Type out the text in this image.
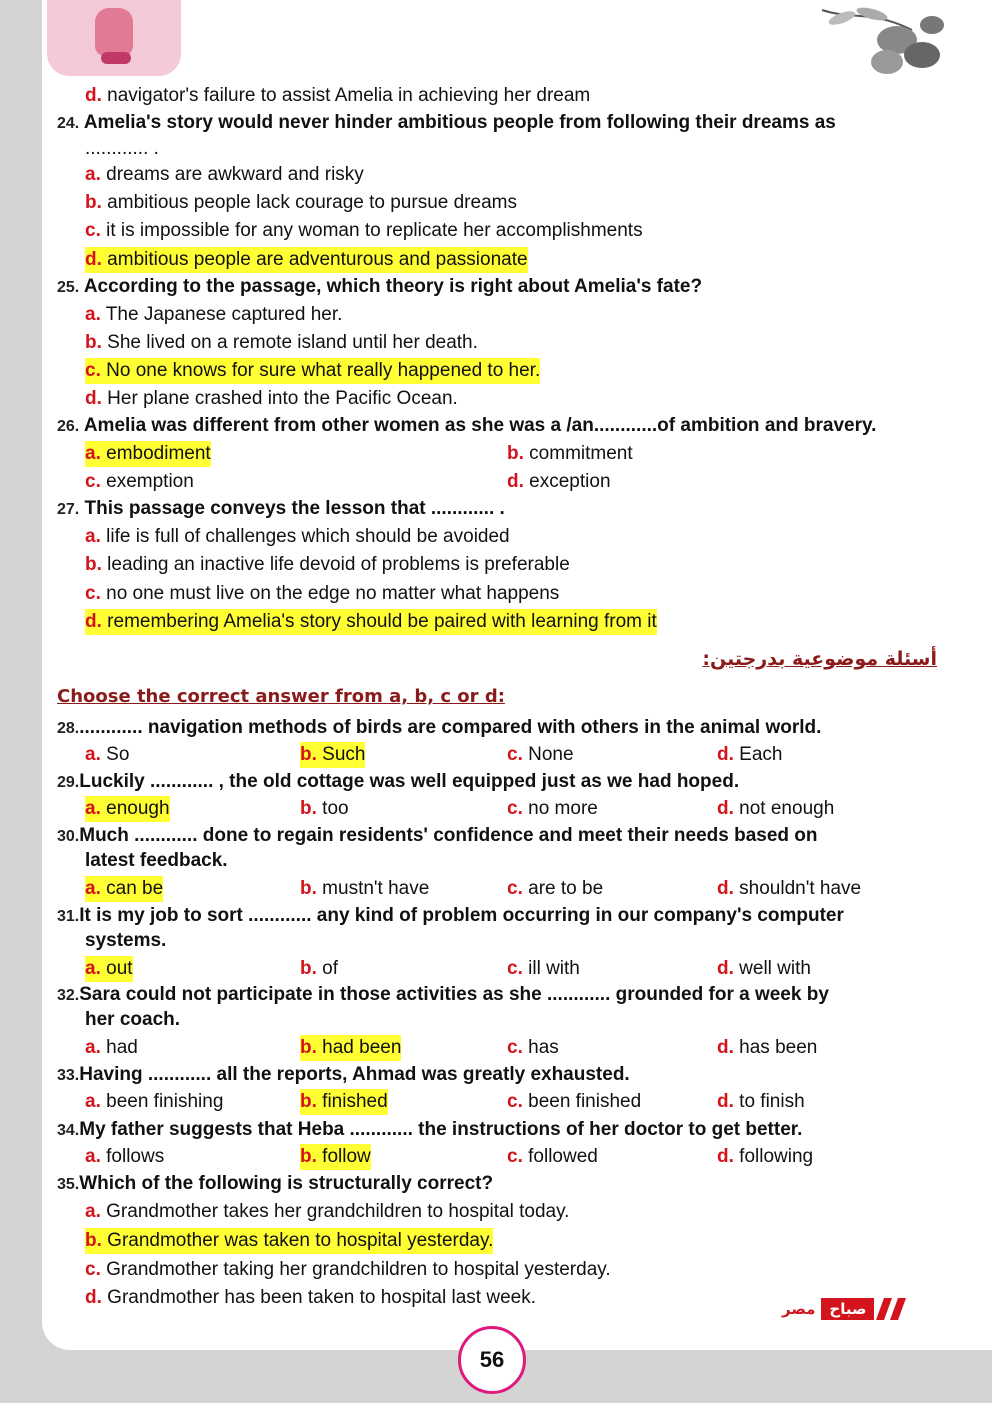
d. navigator's failure to assist Amelia in achieving her dream
24. Amelia's story would never hinder ambitious people from following their dreams as
............ .
a. dreams are awkward and risky
b. ambitious people lack courage to pursue dreams
c. it is impossible for any woman to replicate her accomplishments
d. ambitious people are adventurous and passionate
25. According to the passage, which theory is right about Amelia's fate?
a. The Japanese captured her.
b. She lived on a remote island until her death.
c. No one knows for sure what really happened to her.
d. Her plane crashed into the Pacific Ocean.
26. Amelia was different from other women as she was a /an............of ambition and bravery.
a. embodiment	b. commitment
c. exemption	d. exception
27. This passage conveys the lesson that ............ .
a. life is full of challenges which should be avoided
b. leading an inactive life devoid of problems is preferable
c. no one must live on the edge no matter what happens
d. remembering Amelia's story should be paired with learning from it
أسئلة موضوعية بدرجتين:
Choose the correct answer from a, b, c or d:
28............. navigation methods of birds are compared with others in the animal world.
a. So	b. Such	c. None	d. Each
29.Luckily ............ , the old cottage was well equipped just as we had hoped.
a. enough	b. too	c. no more	d. not enough
30.Much ............ done to regain residents' confidence and meet their needs based on
latest feedback.
a. can be	b. mustn't have	c. are to be	d. shouldn't have
31.It is my job to sort ............ any kind of problem occurring in our company's computer
systems.
a. out	b. of	c. ill with	d. well with
32.Sara could not participate in those activities as she ............ grounded for a week by
her coach.
a. had	b. had been	c. has	d. has been
33.Having ............ all the reports, Ahmad was greatly exhausted.
a. been finishing	b. finished	c. been finished	d. to finish
34.My father suggests that Heba ............ the instructions of her doctor to get better.
a. follows	b. follow	c. followed	d. following
35.Which of the following is structurally correct?
a. Grandmother takes her grandchildren to hospital today.
b. Grandmother was taken to hospital yesterday.
c. Grandmother taking her grandchildren to hospital yesterday.
d. Grandmother has been taken to hospital last week.
مصر صباح
56
